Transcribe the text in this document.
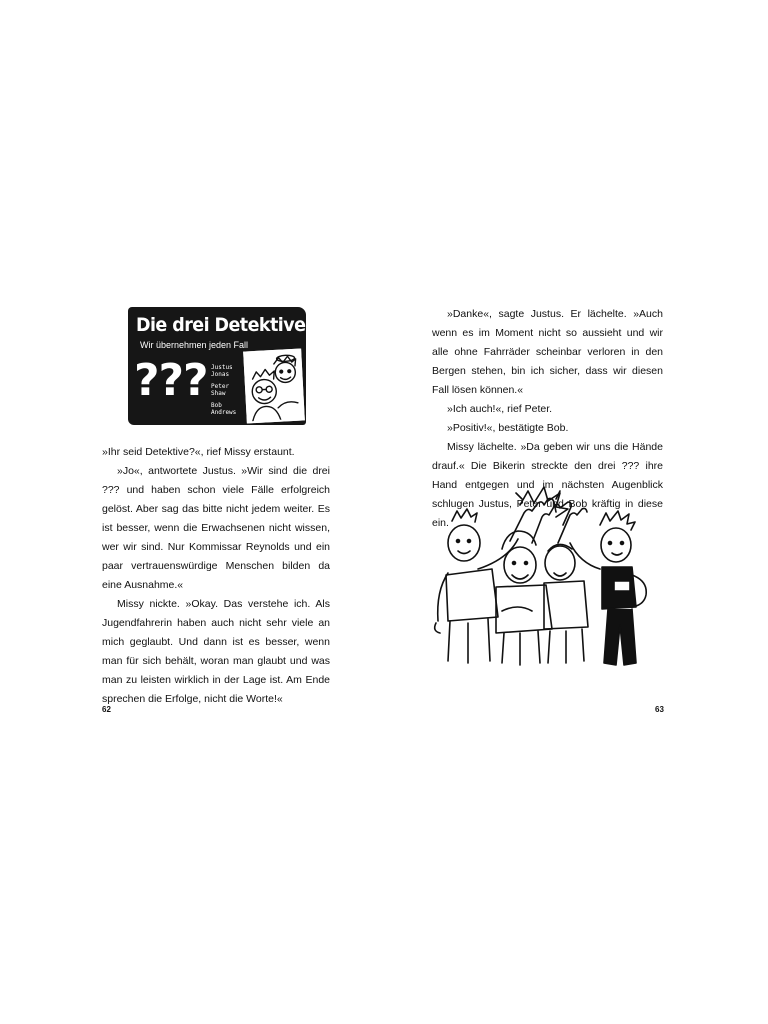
Die drei Detektive
Wir übernehmen jeden Fall
??? Justus Jonas
Peter Shaw
Bob Andrews

»Ihr seid Detektive?«, rief Missy erstaunt.

»Jo«, antwortete Justus. »Wir sind die drei ??? und haben schon viele Fälle erfolgreich gelöst. Aber sag das bitte nicht jedem weiter. Es ist besser, wenn die Erwachsenen nicht wissen, wer wir sind. Nur Kommissar Reynolds und ein paar vertrauenswürdige Menschen bilden da eine Ausnahme.«

Missy nickte. »Okay. Das verstehe ich. Als Jugendfahrerin haben auch nicht sehr viele an mich geglaubt. Und dann ist es besser, wenn man für sich behält, woran man glaubt und was man zu leisten wirklich in der Lage ist. Am Ende sprechen die Erfolge, nicht die Worte!«

62	63

»Danke«, sagte Justus. Er lächelte. »Auch wenn es im Moment nicht so aussieht und wir alle ohne Fahrräder scheinbar verloren in den Bergen stehen, bin ich sicher, dass wir diesen Fall lösen können.«

»Ich auch!«, rief Peter.

»Positiv!«, bestätigte Bob.

Missy lächelte. »Da geben wir uns die Hände drauf.« Die Bikerin streckte den drei ??? ihre Hand entgegen und im nächsten Augenblick schlugen Justus, Peter und Bob kräftig in diese ein.
